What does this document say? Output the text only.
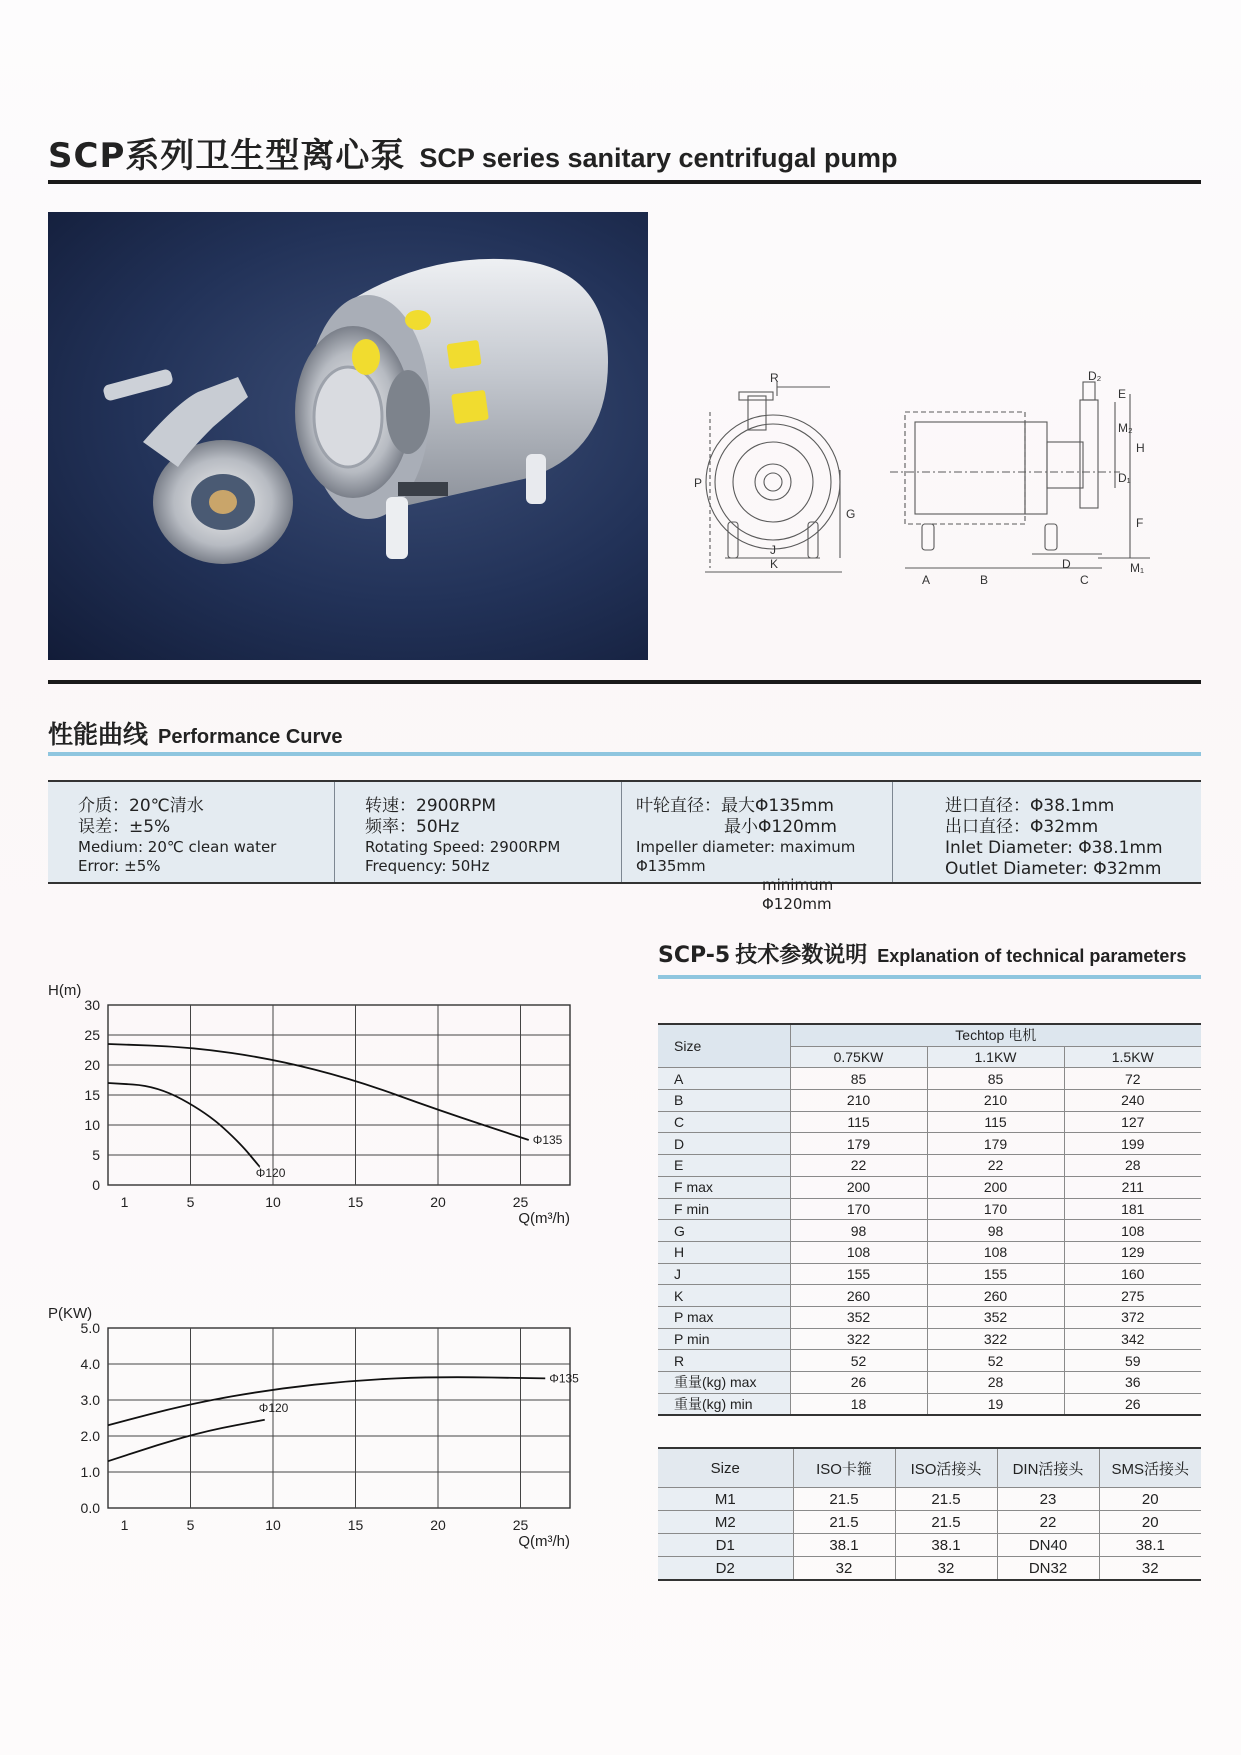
SCP系列卫生型离心泵 SCP series sanitary centrifugal pump
R
P
G
J
K
D₂
E
M₂
H
D₁
F
A	B	C
D	M₁
性能曲线 Performance Curve
介质：20℃清水
误差：±5%
Medium: 20℃ clean water
Error: ±5%
转速：2900RPM
频率：50Hz
Rotating Speed: 2900RPM
Frequency: 50Hz
叶轮直径：最大Φ135mm
最小Φ120mm
Impeller diameter: maximum Φ135mm
minimum Φ120mm
进口直径：Φ38.1mm
出口直径：Φ32mm
Inlet Diameter: Φ38.1mm
Outlet Diameter: Φ32mm
SCP-5 技术参数说明 Explanation of technical parameters
0
5
10
15
20
25
30
1	5	10	15	20	25
H(m)
Q(m³/h)
Φ135
Φ120
0.0
1.0
2.0
3.0
4.0
5.0
1	5	10	15	20	25
P(KW)
Q(m³/h)
Φ135
Φ120
Size	Techtop 电机		
	0.75KW	1.1KW	1.5KW
A	85	85	72
B	210	210	240
C	115	115	127
D	179	179	199
E	22	22	28
F max	200	200	211
F min	170	170	181
G	98	98	108
H	108	108	129
J	155	155	160
K	260	260	275
P max	352	352	372
P min	322	322	342
R	52	52	59
重量(kg) max	26	28	36
重量(kg) min	18	19	26
Size	ISO卡箍	ISO活接头	DIN活接头	SMS活接头
M1	21.5	21.5	23	20
M2	21.5	21.5	22	20
D1	38.1	38.1	DN40	38.1
D2	32	32	DN32	32
